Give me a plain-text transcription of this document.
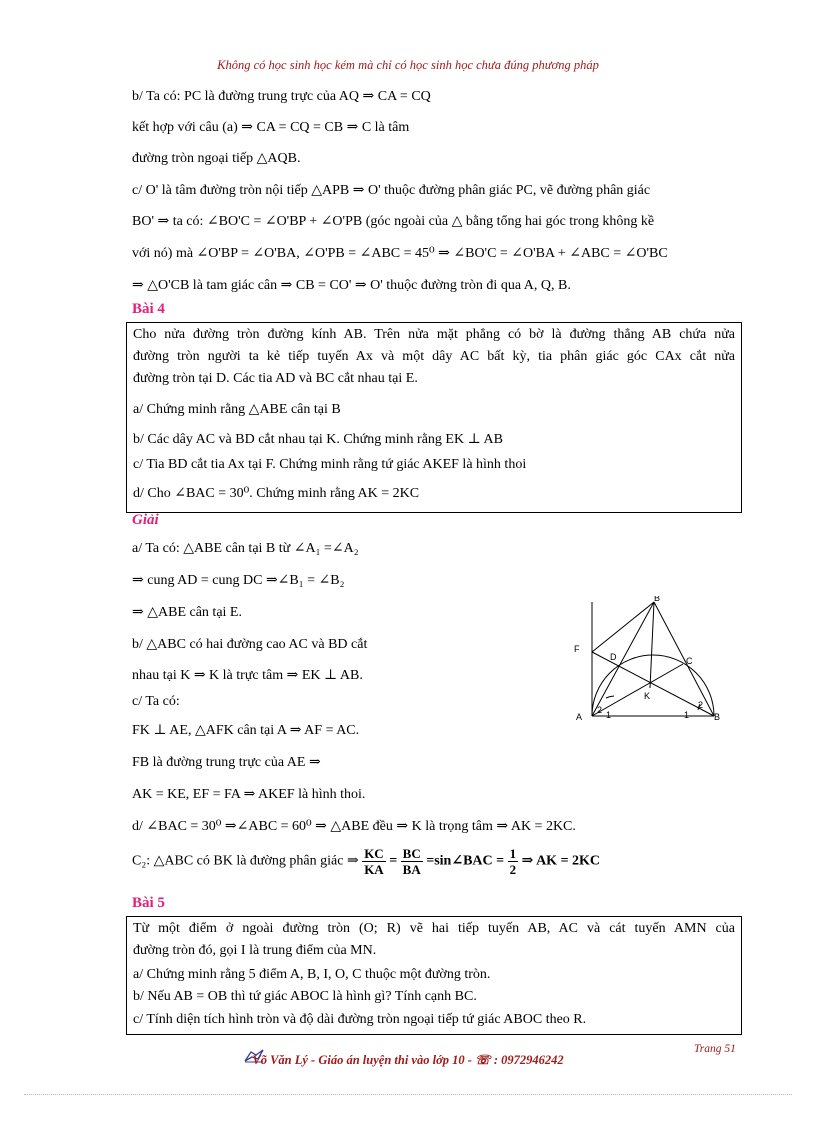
Không có học sinh học kém mà chỉ có học sinh học chưa đúng phương pháp
b/ Ta có: PC là đường trung trực của AQ ⇒ CA = CQ
kết hợp với câu (a) ⇒ CA = CQ = CB ⇒ C là tâm
đường tròn ngoại tiếp △AQB.
c/ O' là tâm đường tròn nội tiếp △APB ⇒ O' thuộc đường phân giác PC, vẽ đường phân giác
BO' ⇒ ta có: ∠BO'C = ∠O'BP + ∠O'PB (góc ngoài của △ bằng tổng hai góc trong không kề
với nó) mà ∠O'BP = ∠O'BA, ∠O'PB = ∠ABC = 45⁰ ⇒ ∠BO'C = ∠O'BA + ∠ABC = ∠O'BC
⇒ △O'CB là tam giác cân ⇒ CB = CO' ⇒ O' thuộc đường tròn đi qua A, Q, B.
Bài 4
Cho nửa đường tròn đường kính AB. Trên nửa mặt phẳng có bờ là đường thẳng AB chứa nửa
đường tròn người ta kẻ tiếp tuyến Ax và một dây AC bất kỳ, tia phân giác góc CAx cắt nửa
đường tròn tại D. Các tia AD và BC cắt nhau tại E.
a/ Chứng minh rằng △ABE cân tại B
b/ Các dây AC và BD cắt nhau tại K. Chứng minh rằng EK ⊥ AB
c/ Tia BD cắt tia Ax tại F. Chứng minh rằng tứ giác AKEF là hình thoi
d/ Cho ∠BAC = 30⁰. Chứng minh rằng AK = 2KC
Giải
a/ Ta có: △ABE cân tại B từ ∠A₁ =∠A₂
⇒ cung AD = cung DC ⇒∠B₁ = ∠B₂
⇒ △ABE cân tại E.
b/ △ABC có hai đường cao AC và BD cắt
nhau tại K ⇒ K là trực tâm ⇒ EK ⊥ AB.
c/ Ta có:
FK ⊥ AE, △AFK cân tại A ⇒ AF = AC.
FB là đường trung trực của AE ⇒
AK = KE, EF = FA ⇒ AKEF là hình thoi.
d/ ∠BAC = 30⁰ ⇒∠ABC = 60⁰ ⇒ △ABE đều ⇒ K là trọng tâm ⇒ AK = 2KC.
C₂: △ABC có BK là đường phân giác ⇒ $\frac{KC}{KA} = \frac{BC}{BA}$ =sin∠BAC = $\frac{1}{2}$ ⇒ AK = 2KC
B
F
D	C
K
A	B
2 1
2
1
Bài 5
Từ một điểm ở ngoài đường tròn (O; R) vẽ hai tiếp tuyến AB, AC và cát tuyến AMN của
đường tròn đó, gọi I là trung điểm của MN.
a/ Chứng minh rằng 5 điểm A, B, I, O, C thuộc một đường tròn.
b/ Nếu AB = OB thì tứ giác ABOC là hình gì? Tính cạnh BC.
c/ Tính diện tích hình tròn và độ dài đường tròn ngoại tiếp tứ giác ABOC theo R.
Trang 51
Võ Văn Lý - Giáo án luyện thi vào lớp 10 - ☏ : 0972946242
